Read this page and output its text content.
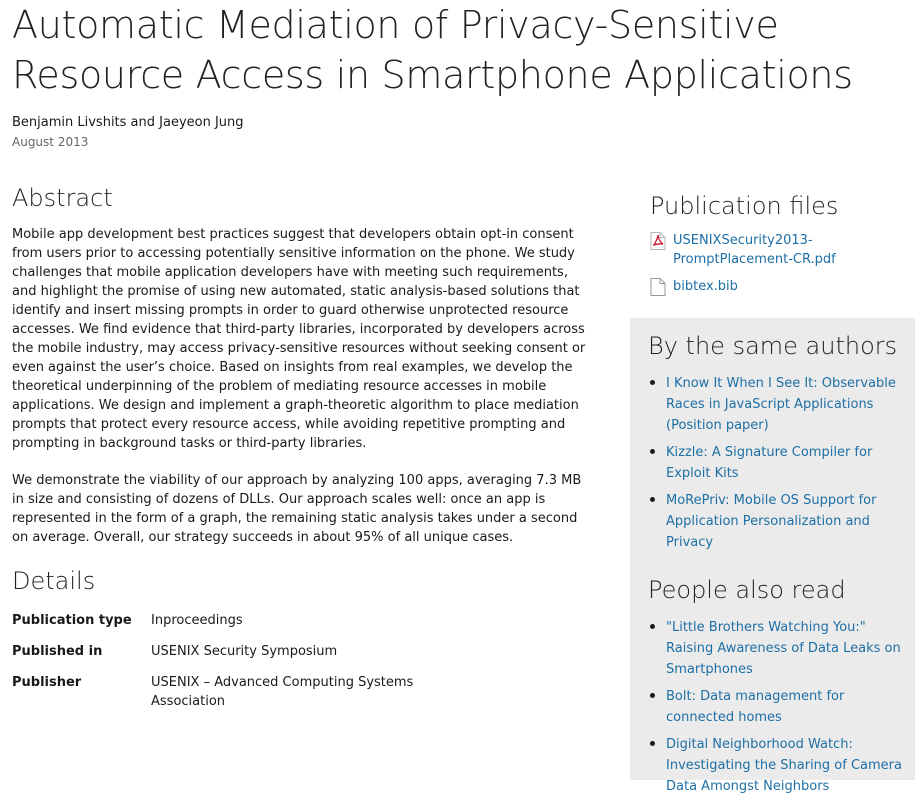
Automatic Mediation of Privacy-Sensitive Resource Access in Smartphone Applications
Benjamin Livshits and Jaeyeon Jung
August 2013
Abstract

Mobile app development best practices suggest that developers obtain opt-in consent from users prior to accessing potentially sensitive information on the phone. We study challenges that mobile application developers have with meeting such requirements, and highlight the promise of using new automated, static analysis-based solutions that identify and insert missing prompts in order to guard otherwise unprotected resource accesses. We find evidence that third-party libraries, incorporated by developers across the mobile industry, may access privacy-sensitive resources without seeking consent or even against the user’s choice. Based on insights from real examples, we develop the theoretical underpinning of the problem of mediating resource accesses in mobile applications. We design and implement a graph-theoretic algorithm to place mediation prompts that protect every resource access, while avoiding repetitive prompting and prompting in background tasks or third-party libraries.

We demonstrate the viability of our approach by analyzing 100 apps, averaging 7.3 MB in size and consisting of dozens of DLLs. Our approach scales well: once an app is represented in the form of a graph, the remaining static analysis takes under a second on average. Overall, our strategy succeeds in about 95% of all unique cases.

Details
Publication type	Inproceedings
Published in	USENIX Security Symposium
Publisher	USENIX – Advanced Computing Systems Association
Publication files
USENIXSecurity2013-PromptPlacement-CR.pdf
bibtex.bib
By the same authors
I Know It When I See It: Observable Races in JavaScript Applications (Position paper)
Kizzle: A Signature Compiler for Exploit Kits
MoRePriv: Mobile OS Support for Application Personalization and Privacy
People also read
"Little Brothers Watching You:" Raising Awareness of Data Leaks on Smartphones
Bolt: Data management for connected homes
Digital Neighborhood Watch: Investigating the Sharing of Camera Data Amongst Neighbors
